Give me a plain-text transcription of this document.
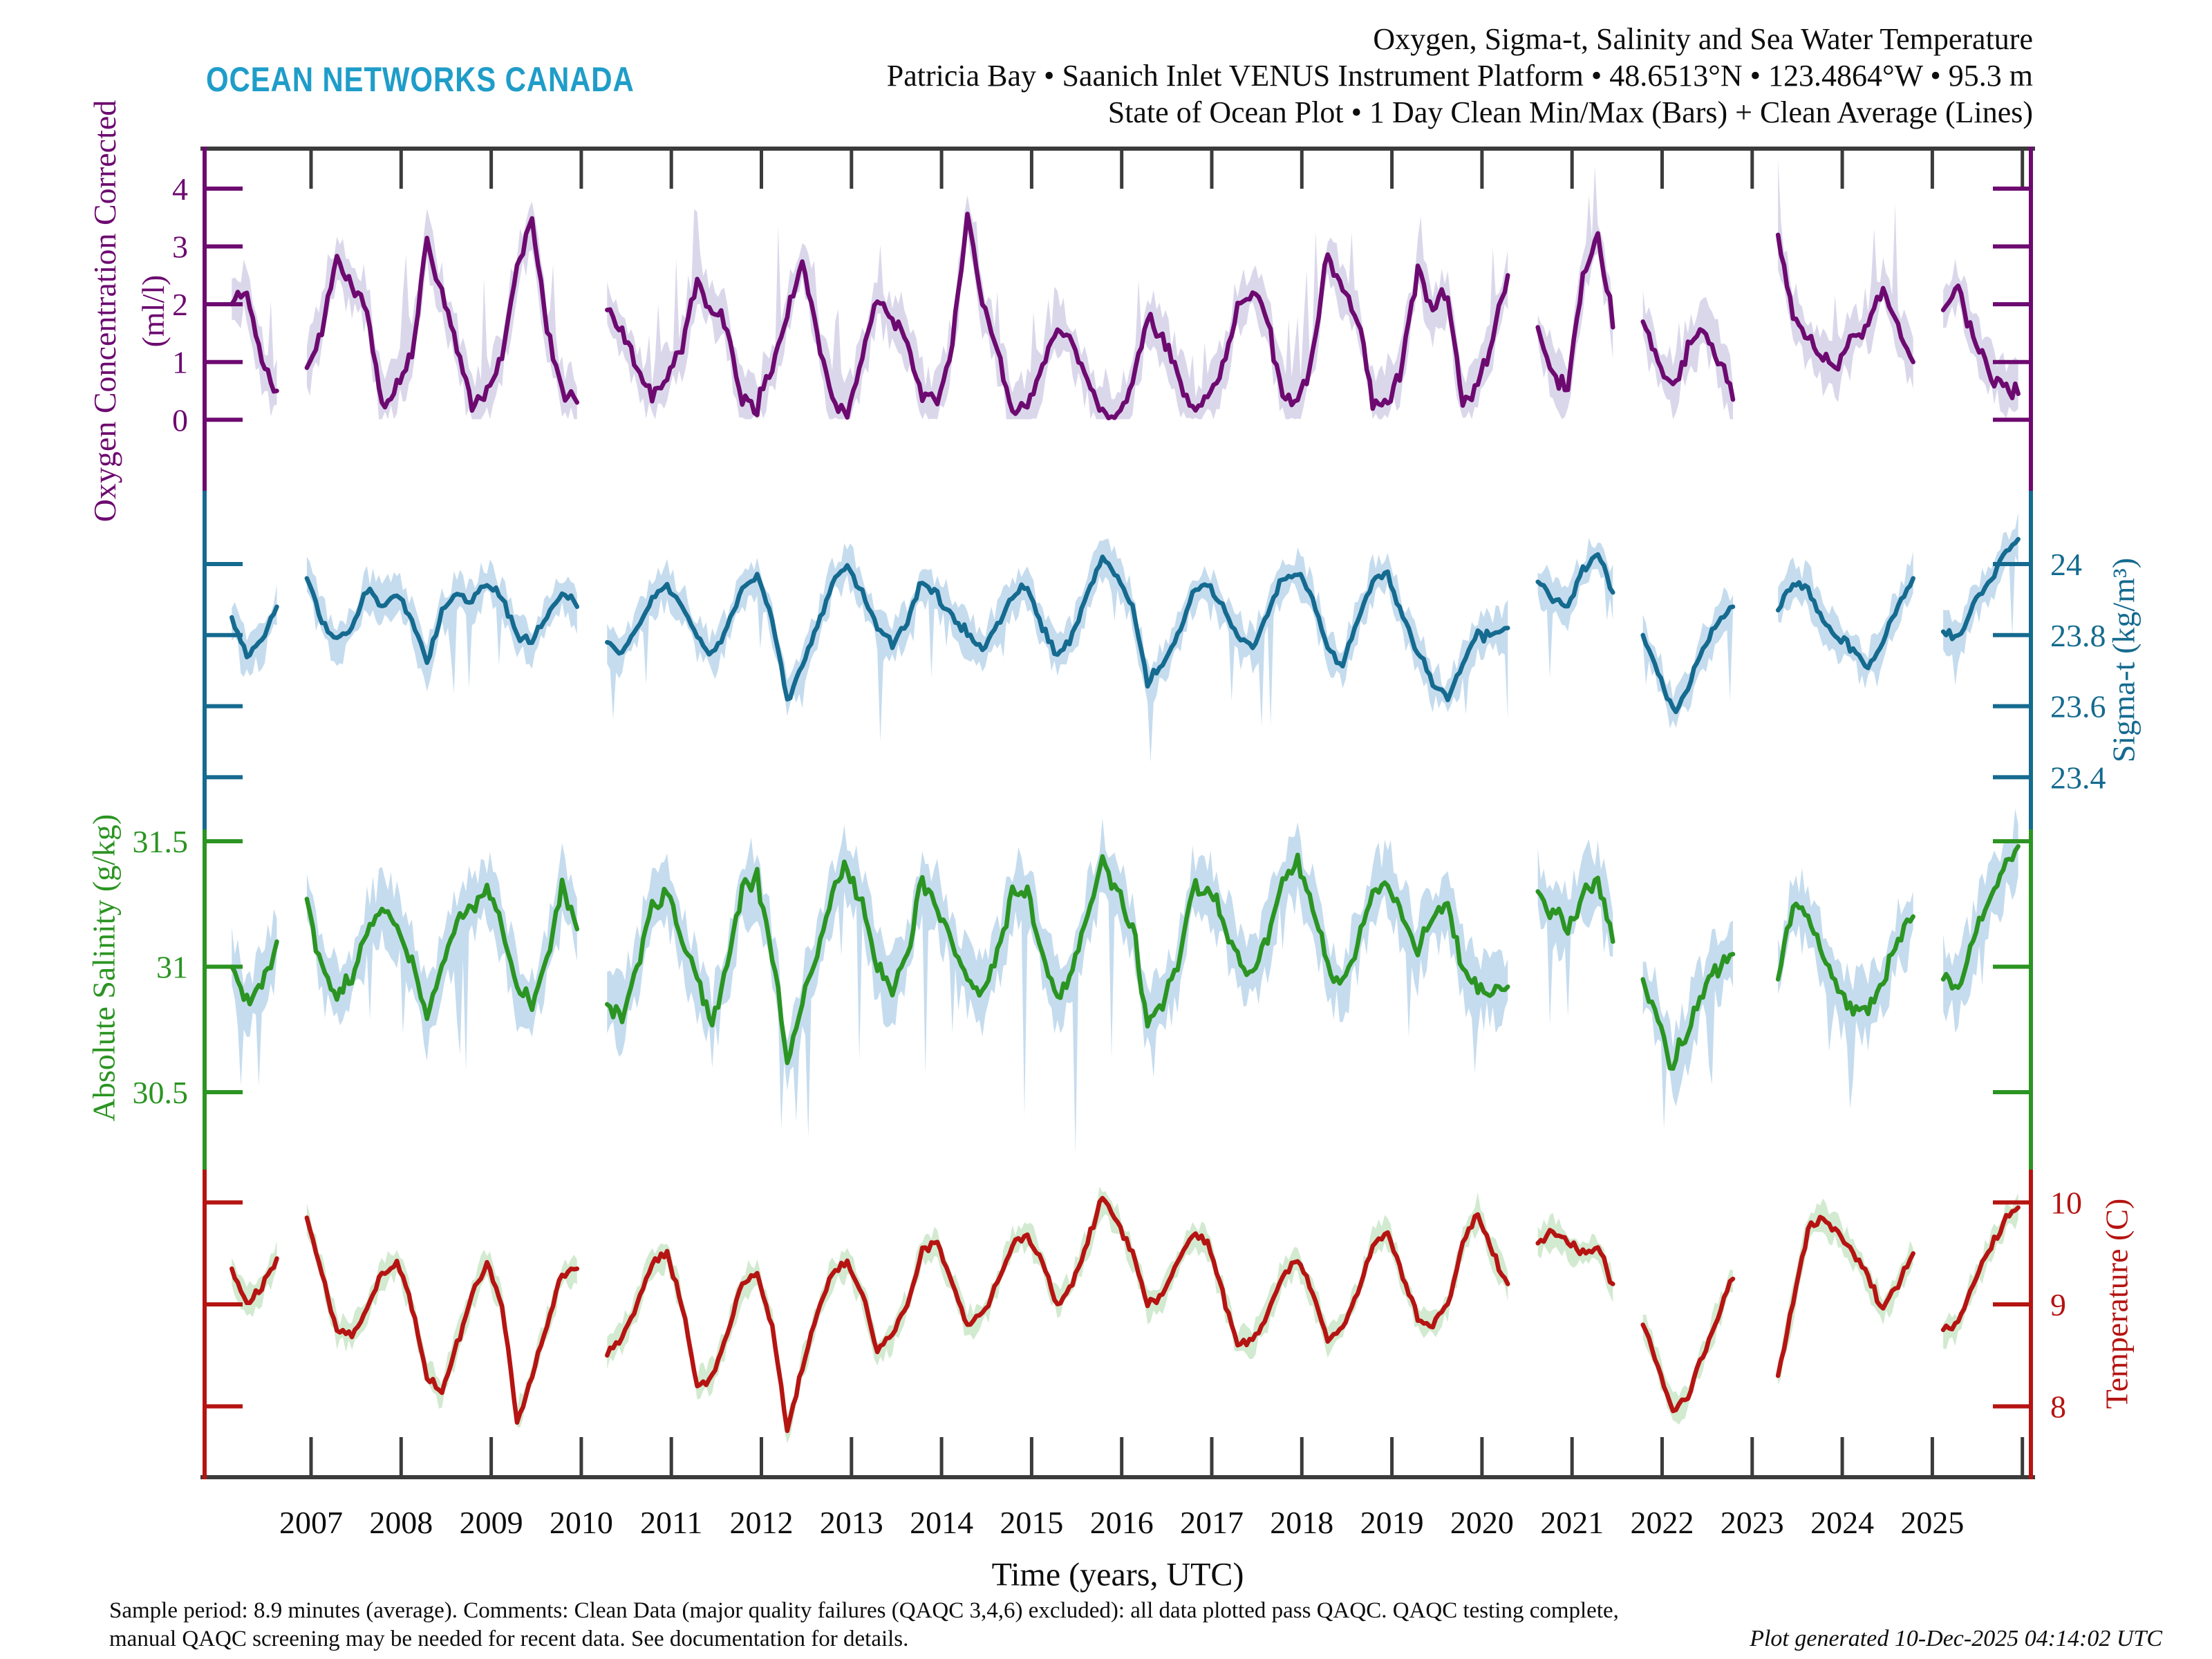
2007 2008 2009 2010 2011 2012 2013 2014 2015 2016 2017 2018 2019 2020 2021 2022 2023 2024 2025
0
1
2
3
4
24
23.8
23.6
23.4
31.5
31
30.5
10
9
8
OCEAN NETWORKS CANADA
Oxygen, Sigma-t, Salinity and Sea Water Temperature
Patricia Bay • Saanich Inlet VENUS Instrument Platform • 48.6513°N • 123.4864°W • 95.3 m
State of Ocean Plot • 1 Day Clean Min/Max (Bars) + Clean Average (Lines)
Oxygen Concentration Corrected (ml/l)
Sigma-t (kg/m³)
Absolute Salinity (g/kg)
Temperature (C)
Time (years, UTC)
Sample period: 8.9 minutes (average). Comments: Clean Data (major quality failures (QAQC 3,4,6) excluded): all data plotted pass QAQC. QAQC testing complete,
manual QAQC screening may be needed for recent data. See documentation for details.	Plot generated 10-Dec-2025 04:14:02 UTC
